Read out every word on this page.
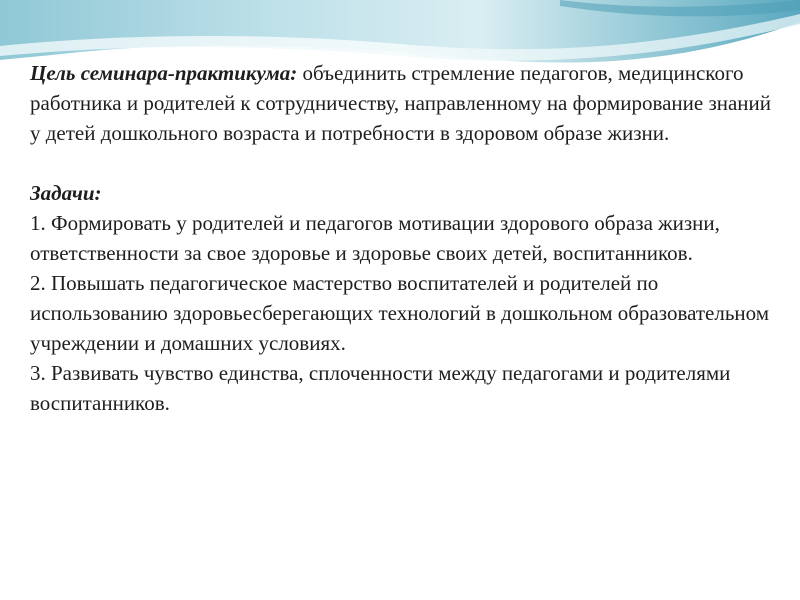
Цель семинара-практикума: объединить стремление педагогов, медицинского работника и родителей к сотрудничеству, направленному на формирование знаний у детей дошкольного возраста и потребности в здоровом образе жизни.

Задачи:

1. Формировать у родителей и педагогов мотивации здорового образа жизни, ответственности за свое здоровье и здоровье своих детей, воспитанников.

2. Повышать педагогическое мастерство воспитателей и родителей по использованию здоровьесберегающих технологий в дошкольном образовательном учреждении и домашних условиях.

3. Развивать чувство единства, сплоченности между педагогами и родителями воспитанников.
